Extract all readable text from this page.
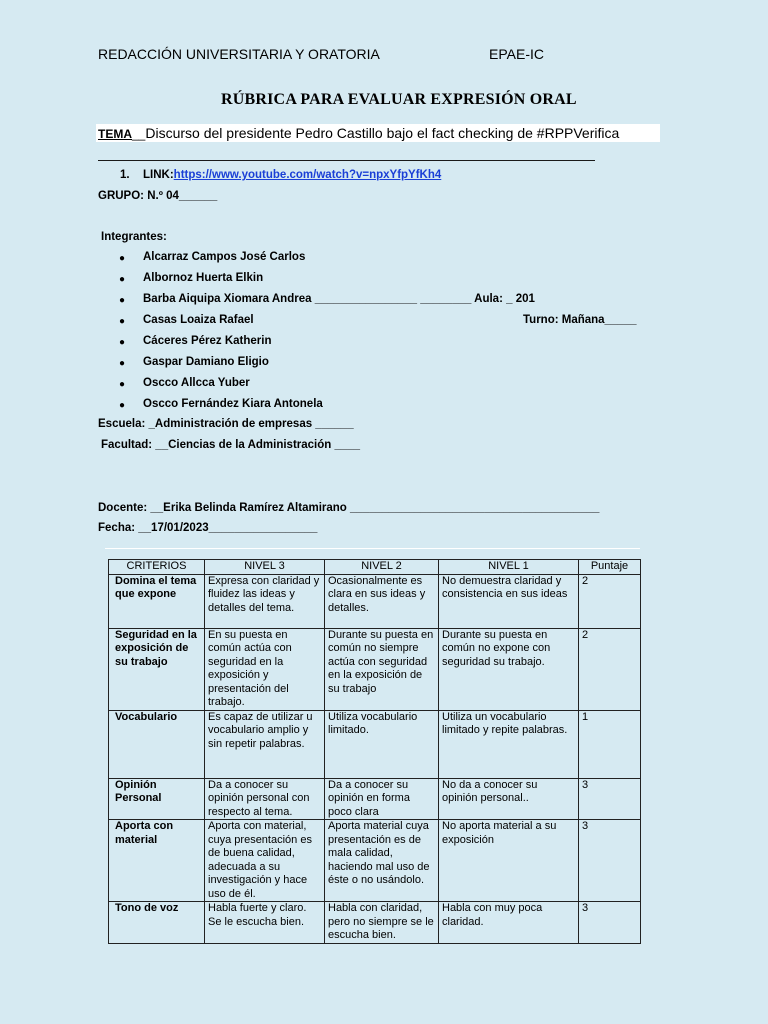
REDACCIÓN UNIVERSITARIA Y ORATORIA	EPAE-IC
RÚBRICA PARA EVALUAR EXPRESIÓN ORAL
TEMA__Discurso del presidente Pedro Castillo bajo el fact checking de #RPPVerifica
1. LINK:https://www.youtube.com/watch?v=npxYfpYfKh4
GRUPO: N.º 04______
Integrantes:
● Alcarraz Campos José Carlos
● Albornoz Huerta Elkin
● Barba Aiquipa Xiomara Andrea ________________ ________ Aula: _ 201
● Casas Loaiza Rafael
● Cáceres Pérez Katherin
● Gaspar Damiano Eligio
● Oscco Allcca Yuber
● Oscco Fernández Kiara Antonela
Turno: Mañana_____
Escuela: _Administración de empresas ______
Facultad: __Ciencias de la Administración ____
Docente: __Erika Belinda Ramírez Altamirano _______________________________________
Fecha: __17/01/2023_________________
CRITERIOS	NIVEL 3	NIVEL 2	NIVEL 1	Puntaje
Domina el tema que expone	Expresa con claridad y fluidez las ideas y detalles del tema.	Ocasionalmente es clara en sus ideas y detalles.	No demuestra claridad y consistencia en sus ideas	2
Seguridad en la exposición de su trabajo	En su puesta en común actúa con seguridad en la exposición y presentación del trabajo.	Durante su puesta en común no siempre actúa con seguridad en la exposición de su trabajo	Durante su puesta en común no expone con seguridad su trabajo.	2
Vocabulario	Es capaz de utilizar u vocabulario amplio y sin repetir palabras.	Utiliza vocabulario limitado.	Utiliza un vocabulario limitado y repite palabras.	1
Opinión Personal	Da a conocer su opinión personal con respecto al tema.	Da a conocer su opinión en forma poco clara	No da a conocer su opinión personal..	3
Aporta con material	Aporta con material, cuya presentación es de buena calidad, adecuada a su investigación y hace uso de él.	Aporta material cuya presentación es de mala calidad, haciendo mal uso de éste o no usándolo.	No aporta material a su exposición	3
Tono de voz	Habla fuerte y claro. Se le escucha bien.	Habla con claridad, pero no siempre se le escucha bien.	Habla con muy poca claridad.	3
